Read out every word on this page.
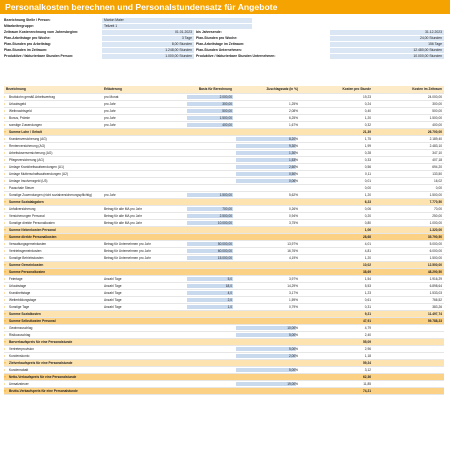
Personalkosten berechnen und Personalstundensatz für Angebote
Bezeichnung Stelle / Person:	Marion Maier
Mitarbeitergruppe:	Teilzeit 1
Zeitraum Kostenrechnung vom Jahresbeginn:	01.01.2023 bis Jahresende:	31.12.2023
Plan-Arbeitstage pro Woche:	3 Tage Plan-Stunden pro Woche:	24,00 Stunden
Plan-Stunden pro Arbeitstag:	8,00 Stunden Plan-Arbeitstage im Zeitraum:	156 Tage
Plan-Stunden im Zeitraum:	1.248,00 Stunden Plan-Stunden Unternehmen:	12.480,00 Stunden
Produktive / fakturierbare Stunden Person:	1.000,00 Stunden Produktive / fakturierbare Stunden Unternehmen:	10.000,00 Stunden
Bezeichnung	Erläuterung	Basis für Berechnung	Zuschlagssatz (in %)	Kosten pro Stunde	Kosten im Zeitraum
• Bruttolohn gemäß Arbeitsvertrag	pro Monat	2.000,00	19,23	24.000,00
• Urlaubsgeld	pro Jahr	300,00	1,25%	0,24	300,00
• Weihnachtsgeld	pro Jahr	500,00	2,08%	0,40	500,00
• Bonus, Prämie	pro Jahr	1.500,00	6,25%	1,20	1.500,00
• sonstige Zuwendungen	pro Jahr	400,00	1,67%	0,32	400,00
» Summe Lohn / Gehalt	21,39	26.700,00
• Krankenversicherung (AG)	8,20%	1,75	2.189,40
• Rentenversicherung (AG)	9,30%	1,99	2.483,10
• Arbeitslosenversicherung (AG)	1,30%	0,28	347,10
• Pflegeversicherung (AG)	1,53%	0,33	407,18
• Umlage Krankheitsaufwendungen (U1)	2,60%	0,56	694,20
• Umlage Mutterschaftsaufwendungen (U2)	0,50%	0,11	133,50
• Umlage Insolvenzgeld (U3)	0,06%	0,01	16,02
• Pauschale Steuer	0,00	0,00
• Sonstige Zuwendungen (nicht sozialversicherungspflichtig)	pro Jahr	1.500,00	5,62%	1,20	1.500,00
» Summe Sozialabgaben	6,23	7.770,50
• Unfallversicherung	Betrag für alle MA pro Jahr	700,00	0,26%	0,06	70,00
• Versicherungen Personal	Betrag für alle MA pro Jahr	2.500,00	0,94%	0,20	250,00
• Sonstige direkte Personalkosten	Betrag für alle MA pro Jahr	10.000,00	3,75%	0,80	1.000,00
» Summe Nebenkosten Personal	1,06	1.320,00
» Summe direkte Personalkosten	28,68	35.790,50
• Verwaltungsgemeinkosten	Betrag für Unternehmen pro Jahr	50.000,00	13,97%	4,01	5.000,00
• Vertriebsgemeinkosten	Betrag für Unternehmen pro Jahr	60.000,00	16,76%	4,81	6.000,00
• Sonstige Betriebskosten	Betrag für Unternehmen pro Jahr	15.000,00	4,19%	1,20	1.500,00
» Summe Gemeinkosten	10,02	12.500,00
» Summe Personalkosten	38,69	48.290,50
• Feiertage	Anzahl Tage	5,0	3,97%	1,54	1.916,29
• Urlaubstage	Anzahl Tage	18,0	14,29%	5,53	6.898,64
• Krankheitstage	Anzahl Tage	4,0	3,17%	1,23	1.533,03
• Weiterbildungstage	Anzahl Tage	2,0	1,59%	0,61	766,52
• Sonstige Tage	Anzahl Tage	1,0	0,79%	0,31	383,26
» Summe Sozialkosten	9,21	11.497,74
» Summe Selbstkosten Personal	47,91	59.788,23
• Gewinnzuschlag	10,00%	4,79
• Risikozuschlag	5,00%	2,40
» Barverkaufspreis für eine Personalstunde	55,09
• Vertreterprovision	5,00%	2,96
• Kundenskonto	2,00%	1,18
» Zielverkaufspreis für eine Personalstunde	59,24
• Kundenrabatt	5,00%	3,12
» Netto-Verkaufspreis für eine Personalstunde	62,36
• Umsatzsteuer	19,00%	11,85
» Brutto-Verkaufspreis für eine Personalstunde	74,21
